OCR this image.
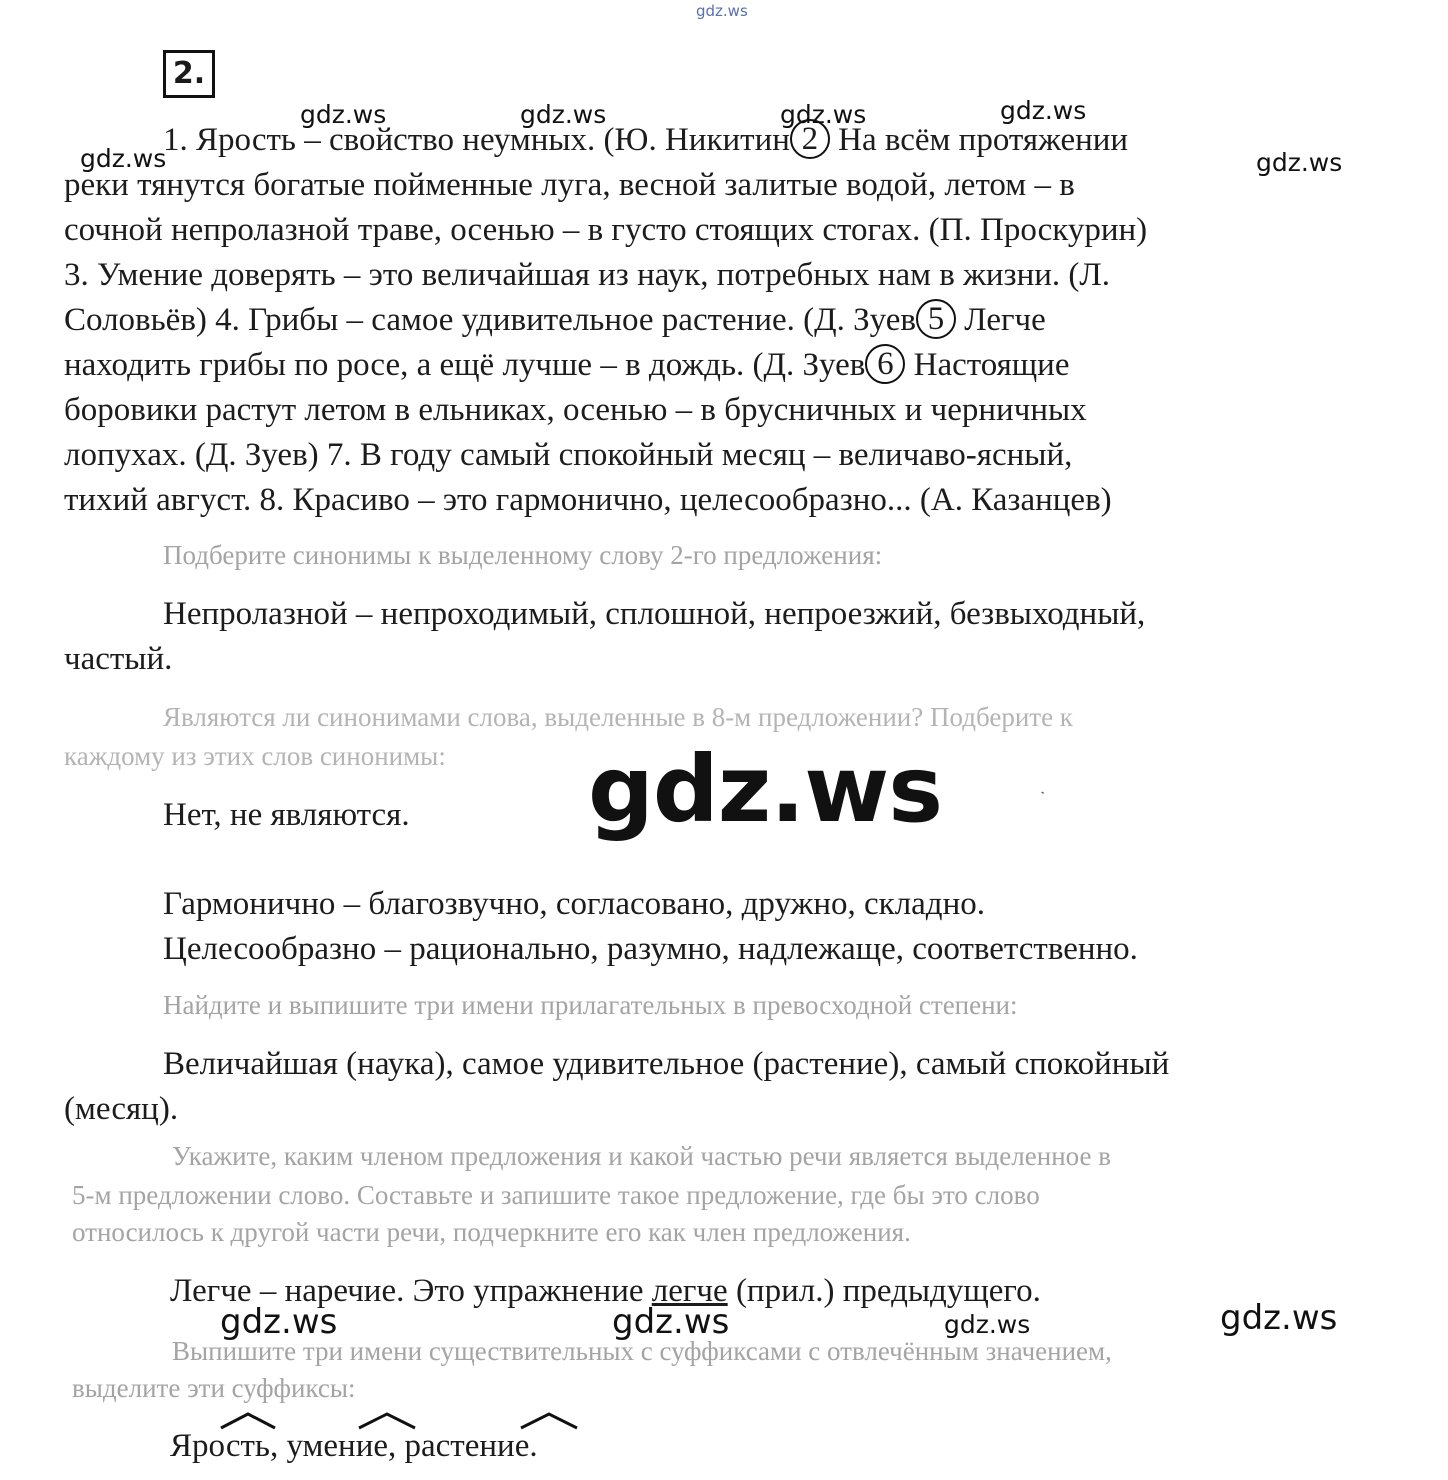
gdz.ws
gdz.ws	gdz.ws	gdz.ws	gdz.ws
gdz.ws	gdz.ws
2.
1. Ярость – свойство неумных. (Ю. Никитин 2 На всём протяжении
реки тянутся богатые пойменные луга, весной залитые водой, летом – в
сочной непролазной траве, осенью – в густо стоящих стогах. (П. Проскурин)
3. Умение доверять – это величайшая из наук, потребных нам в жизни. (Л.
Соловьёв) 4. Грибы – самое удивительное растение. (Д. Зуев 5 Легче
находить грибы по росе, а ещё лучше – в дождь. (Д. Зуев 6 Настоящие
боровики растут летом в ельниках, осенью – в брусничных и черничных
лопухах. (Д. Зуев) 7. В году самый спокойный месяц – величаво-ясный,
тихий август. 8. Красиво – это гармонично, целесообразно... (А. Казанцев)
Подберите синонимы к выделенному слову 2-го предложения:
Непролазной – непроходимый, сплошной, непроезжий, безвыходный,
частый.
Являются ли синонимами слова, выделенные в 8-м предложении? Подберите к
каждому из этих слов синонимы: gdz.ws	˺
Нет, не являются.
Гармонично – благозвучно, согласовано, дружно, складно.
Целесообразно – рационально, разумно, надлежаще, соответственно.
Найдите и выпишите три имени прилагательных в превосходной степени:
Величайшая (наука), самое удивительное (растение), самый спокойный
(месяц).
Укажите, каким членом предложения и какой частью речи является выделенное в
5-м предложении слово. Составьте и запишите такое предложение, где бы это слово
относилось к другой части речи, подчеркните его как член предложения.
Легче – наречие. Это упражнение легче (прил.) предыдущего.
gdz.ws	gdz.ws	gdz.ws	gdz.ws
Выпишите три имени существительных с суффиксами с отвлечённым значением,
выделите эти суффиксы:
Ярость, умение, растение.
